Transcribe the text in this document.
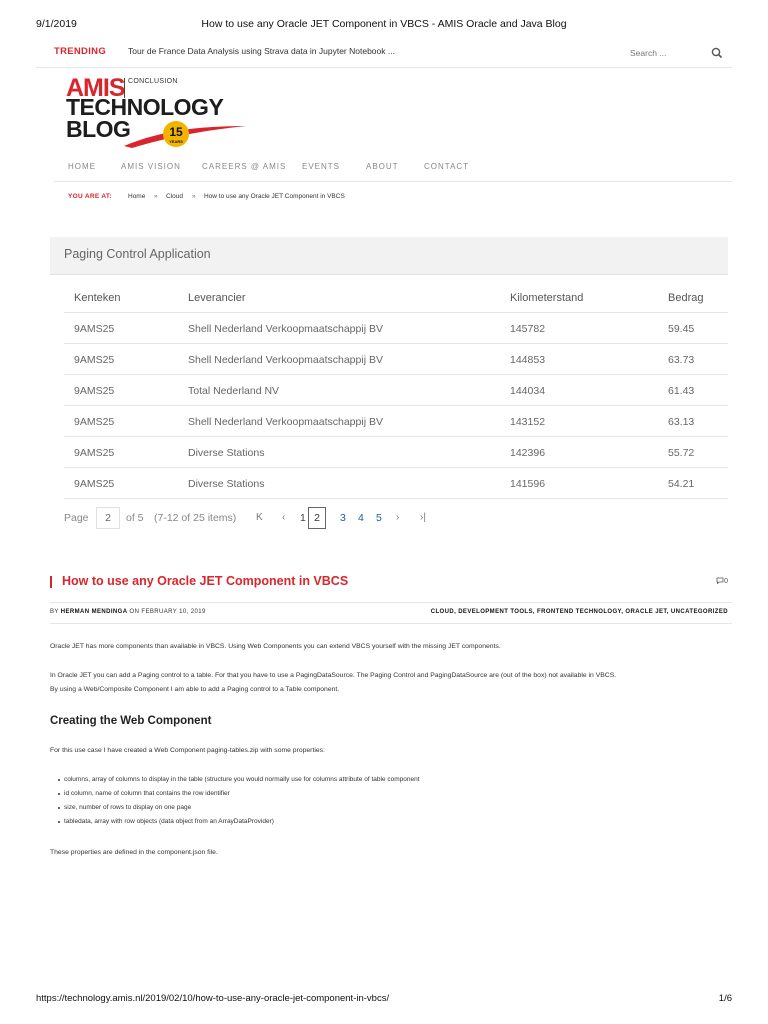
9/1/2019	How to use any Oracle JET Component in VBCS - AMIS Oracle and Java Blog
TRENDING	Tour de France Data Analysis using Strava data in Jupyter Notebook ...
Search ...
AMIS CONCLUSION
TECHNOLOGY
BLOG	15
YEARS
HOME	AMIS VISION	CAREERS @ AMIS EVENTS	ABOUT	CONTACT
YOU ARE AT: Home » Cloud » How to use any Oracle JET Component in VBCS
Paging Control Application
Kenteken	Leverancier	Kilometerstand	Bedrag
9AMS25	Shell Nederland Verkoopmaatschappij BV	145782	59.45
9AMS25	Shell Nederland Verkoopmaatschappij BV	144853	63.73
9AMS25	Total Nederland NV	144034	61.43
9AMS25	Shell Nederland Verkoopmaatschappij BV	143152	63.13
9AMS25	Diverse Stations	142396	55.72
9AMS25	Diverse Stations	141596	54.21
Page
2	of 5 (7-12 of 25 items) K ‹ 1 2	3 4 5 › ›|
How to use any Oracle JET Component in VBCS	0
BY HERMAN MENDINGA ON FEBRUARY 10, 2019	CLOUD, DEVELOPMENT TOOLS, FRONTEND TECHNOLOGY, ORACLE JET, UNCATEGORIZED
Oracle JET has more components than available in VBCS. Using Web Components you can extend VBCS yourself with the missing JET components.
In Oracle JET you can add a Paging control to a table. For that you have to use a PagingDataSource. The Paging Control and PagingDataSource are (out of the box) not available in VBCS.
By using a Web/Composite Component I am able to add a Paging control to a Table component.
Creating the Web Component
For this use case I have created a Web Component paging-tables.zip with some properties:
columns, array of columns to display in the table (structure you would normally use for columns attribute of table component
id column, name of column that contains the row identifier
size, number of rows to display on one page
tabledata, array with row objects (data object from an ArrayDataProvider)
These properties are defined in the component.json file.
https://technology.amis.nl/2019/02/10/how-to-use-any-oracle-jet-component-in-vbcs/	1/6
